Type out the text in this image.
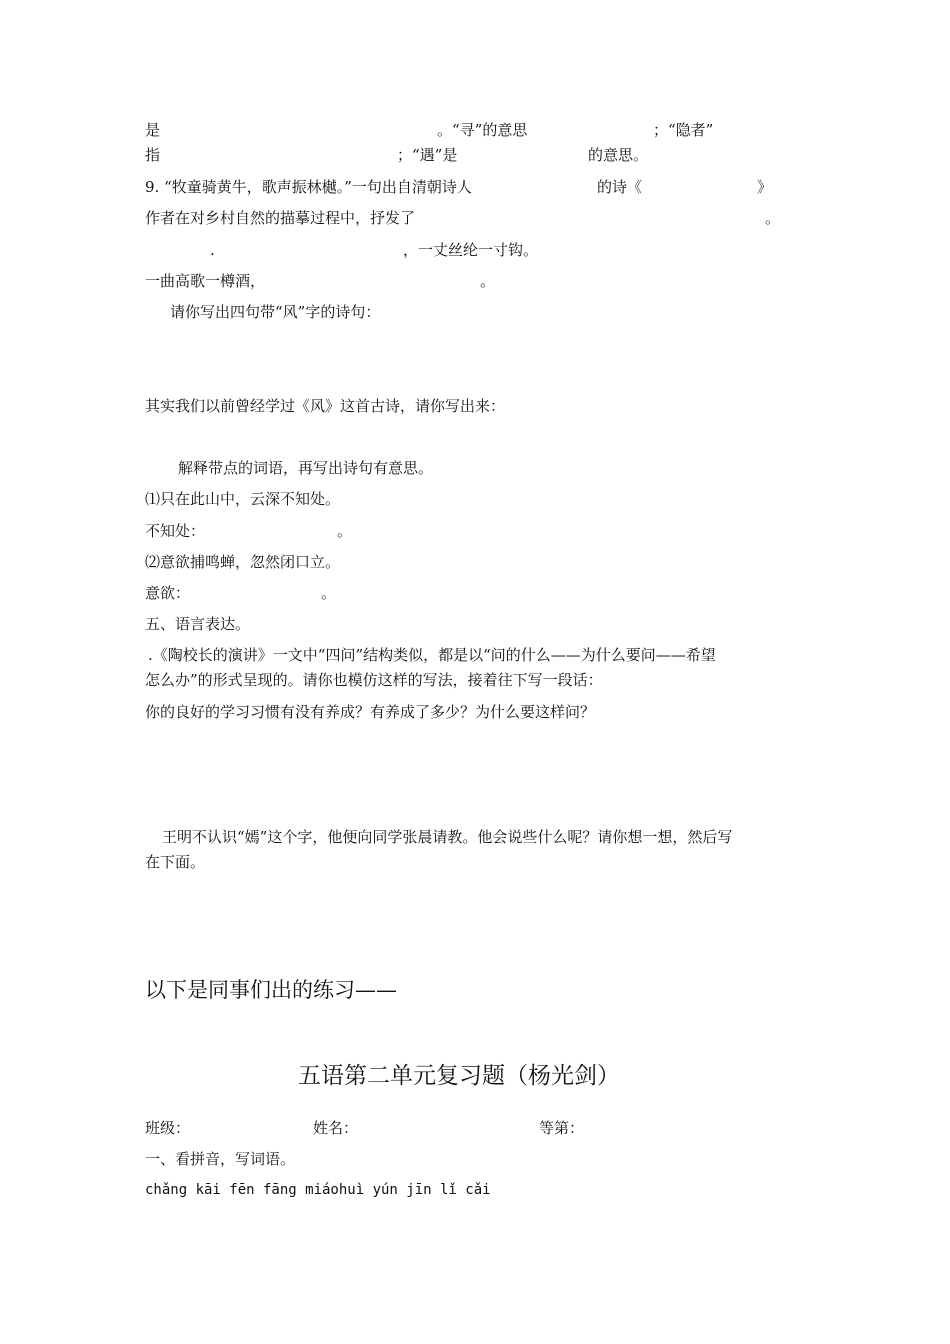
是	。“寻”的意思	；“隐者”
指	；“遇”是	的意思。
9. “牧童骑黄牛，歌声振林樾。”一句出自清朝诗人	的诗《	》
作者在对乡村自然的描摹过程中，抒发了	。
.	，一丈丝纶一寸钩。
一曲高歌一樽酒，	。
请你写出四句带“风”字的诗句：
其实我们以前曾经学过《风》这首古诗，请你写出来：
解释带点的词语，再写出诗句有意思。
⑴只在此山中，云深不知处。
不知处：	。
⑵意欲捕鸣蝉，忽然闭口立。
意欲：	。
五、语言表达。
.《陶校长的演讲》一文中“四问”结构类似，都是以“问的什么——为什么要问——希望
怎么办”的形式呈现的。请你也模仿这样的写法，接着往下写一段话：
你的良好的学习习惯有没有养成？有养成了多少？为什么要这样问？
王明不认识“嫣”这个字，他便向同学张晨请教。他会说些什么呢？请你想一想，然后写
在下面。
以下是同事们出的练习——
五语第二单元复习题（杨光剑）
班级：	姓名：	等第：
一、看拼音，写词语。
chǎng kāi fēn fāng miáohuì yún jīn lǐ cǎi
